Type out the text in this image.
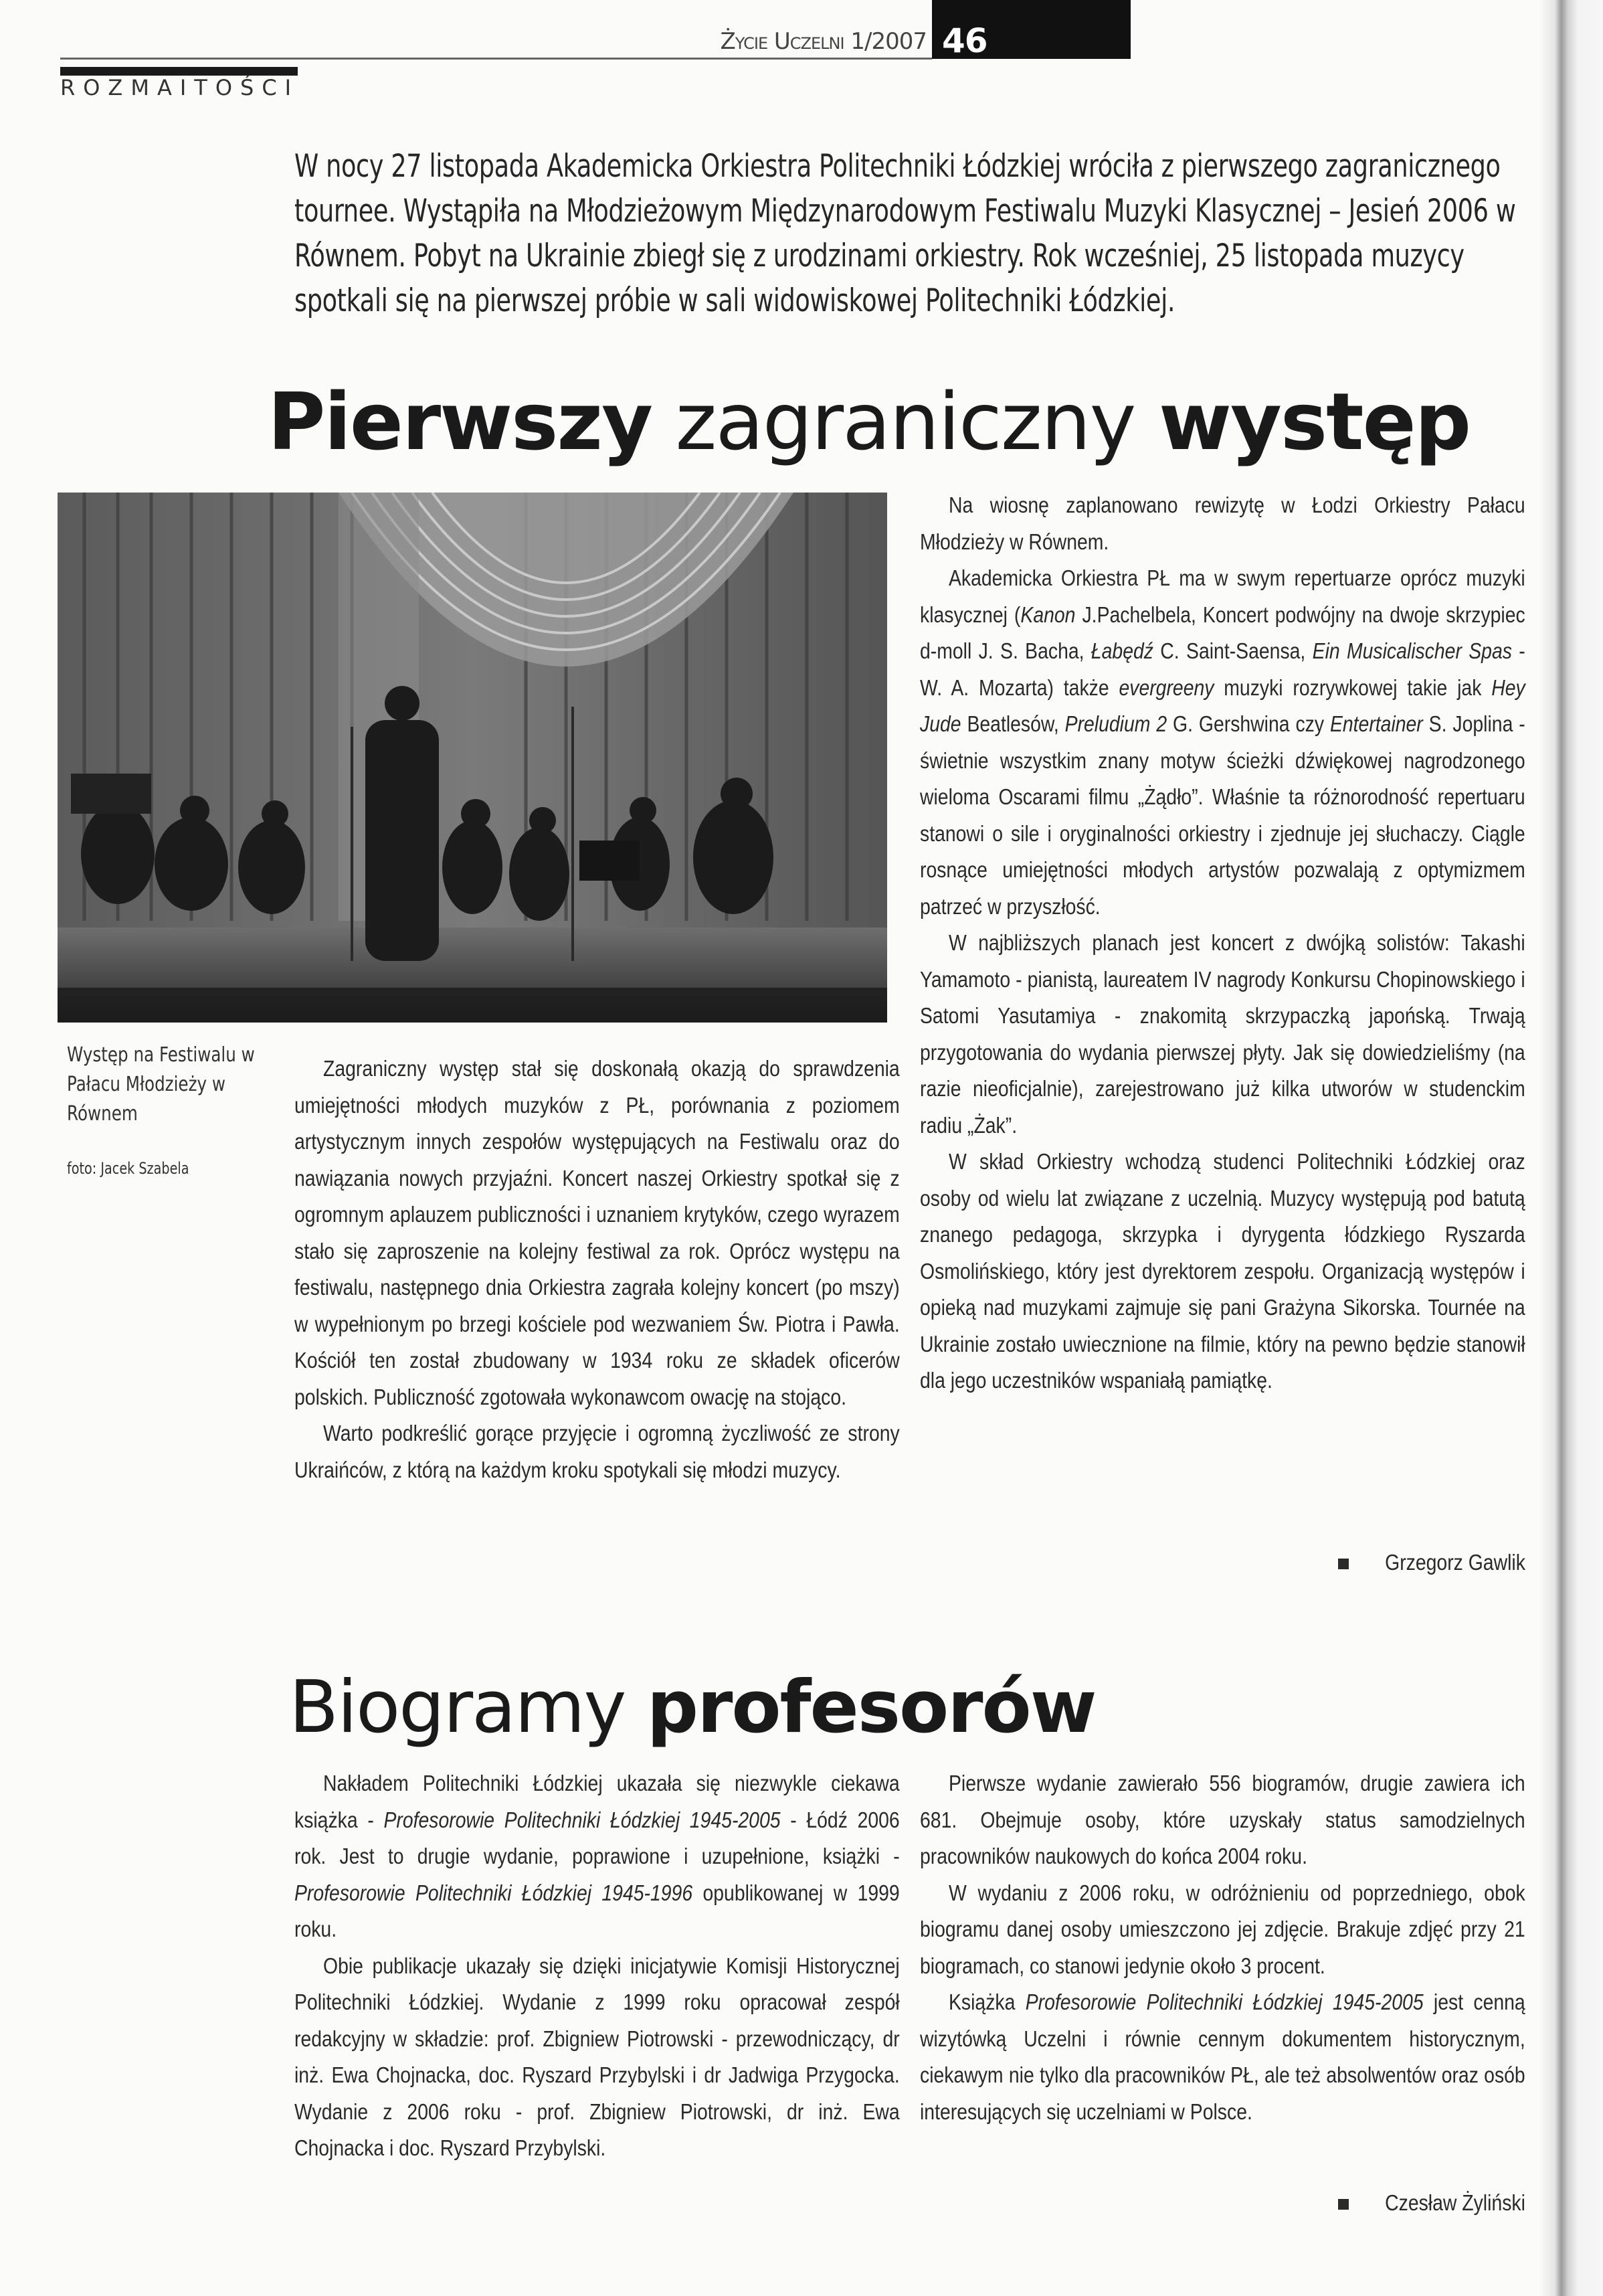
Życie Uczelni 1/2007 46
ROZMAITOŚCI
W nocy 27 listopada Akademicka Orkiestra Politechniki Łódzkiej wróciła z pierwszego zagranicznego tournee. Wystąpiła na Młodzieżowym Międzynarodowym Festiwalu Muzyki Klasycznej – Jesień 2006 w Równem. Pobyt na Ukrainie zbiegł się z urodzinami orkiestry. Rok wcześniej, 25 listopada muzycy spotkali się na pierwszej próbie w sali widowiskowej Politechniki Łódzkiej.
Pierwszy zagraniczny występ
Występ na Festiwalu w Pałacu Młodzieży w Równem
foto: Jacek Szabela

Zagraniczny występ stał się doskonałą okazją do sprawdzenia umiejętności młodych muzyków z PŁ, porównania z poziomem artystycznym innych zespołów występujących na Festiwalu oraz do nawiązania nowych przyjaźni. Koncert naszej Orkiestry spotkał się z ogromnym aplauzem publiczności i uznaniem krytyków, czego wyrazem stało się zaproszenie na kolejny festiwal za rok. Oprócz występu na festiwalu, następnego dnia Orkiestra zagrała kolejny koncert (po mszy) w wypełnionym po brzegi kościele pod wezwaniem Św. Piotra i Pawła. Kościół ten został zbudowany w 1934 roku ze składek oficerów polskich. Publiczność zgotowała wykonawcom owację na stojąco.

Warto podkreślić gorące przyjęcie i ogromną życzliwość ze strony Ukraińców, z którą na każdym kroku spotykali się młodzi muzycy.

Na wiosnę zaplanowano rewizytę w Łodzi Orkiestry Pałacu Młodzieży w Równem.

Akademicka Orkiestra PŁ ma w swym repertuarze oprócz muzyki klasycznej (Kanon J.Pachelbela, Koncert podwójny na dwoje skrzypiec d-moll J. S. Bacha, Łabędź C. Saint-Saensa, Ein Musicalischer Spas - W. A. Mozarta) także evergreeny muzyki rozrywkowej takie jak Hey Jude Beatlesów, Preludium 2 G. Gershwina czy Entertainer S. Joplina - świetnie wszystkim znany motyw ścieżki dźwiękowej nagrodzonego wieloma Oscarami filmu „Żądło”. Właśnie ta różnorodność repertuaru stanowi o sile i oryginalności orkiestry i zjednuje jej słuchaczy. Ciągle rosnące umiejętności młodych artystów pozwalają z optymizmem patrzeć w przyszłość.

W najbliższych planach jest koncert z dwójką solistów: Takashi Yamamoto - pianistą, laureatem IV nagrody Konkursu Chopinowskiego i Satomi Yasutamiya - znakomitą skrzypaczką japońską. Trwają przygotowania do wydania pierwszej płyty. Jak się dowiedzieliśmy (na razie nieoficjalnie), zarejestrowano już kilka utworów w studenckim radiu „Żak”.

W skład Orkiestry wchodzą studenci Politechniki Łódzkiej oraz osoby od wielu lat związane z uczelnią. Muzycy występują pod batutą znanego pedagoga, skrzypka i dyrygenta łódzkiego Ryszarda Osmolińskiego, który jest dyrektorem zespołu. Organizacją występów i opieką nad muzykami zajmuje się pani Grażyna Sikorska. Tournée na Ukrainie zostało uwiecznione na filmie, który na pewno będzie stanowił dla jego uczestników wspaniałą pamiątkę.

Grzegorz Gawlik
Biogramy profesorów

Nakładem Politechniki Łódzkiej ukazała się niezwykle ciekawa książka - Profesorowie Politechniki Łódzkiej 1945-2005 - Łódź 2006 rok. Jest to drugie wydanie, poprawione i uzupełnione, książki - Profesorowie Politechniki Łódzkiej 1945-1996 opublikowanej w 1999 roku.

Obie publikacje ukazały się dzięki inicjatywie Komisji Historycznej Politechniki Łódzkiej. Wydanie z 1999 roku opracował zespół redakcyjny w składzie: prof. Zbigniew Piotrowski - przewodniczący, dr inż. Ewa Chojnacka, doc. Ryszard Przybylski i dr Jadwiga Przygocka. Wydanie z 2006 roku - prof. Zbigniew Piotrowski, dr inż. Ewa Chojnacka i doc. Ryszard Przybylski.

Pierwsze wydanie zawierało 556 biogramów, drugie zawiera ich 681. Obejmuje osoby, które uzyskały status samodzielnych pracowników naukowych do końca 2004 roku.

W wydaniu z 2006 roku, w odróżnieniu od poprzedniego, obok biogramu danej osoby umieszczono jej zdjęcie. Brakuje zdjęć przy 21 biogramach, co stanowi jedynie około 3 procent.

Książka Profesorowie Politechniki Łódzkiej 1945-2005 jest cenną wizytówką Uczelni i równie cennym dokumentem historycznym, ciekawym nie tylko dla pracowników PŁ, ale też absolwentów oraz osób interesujących się uczelniami w Polsce.

Czesław Żyliński
